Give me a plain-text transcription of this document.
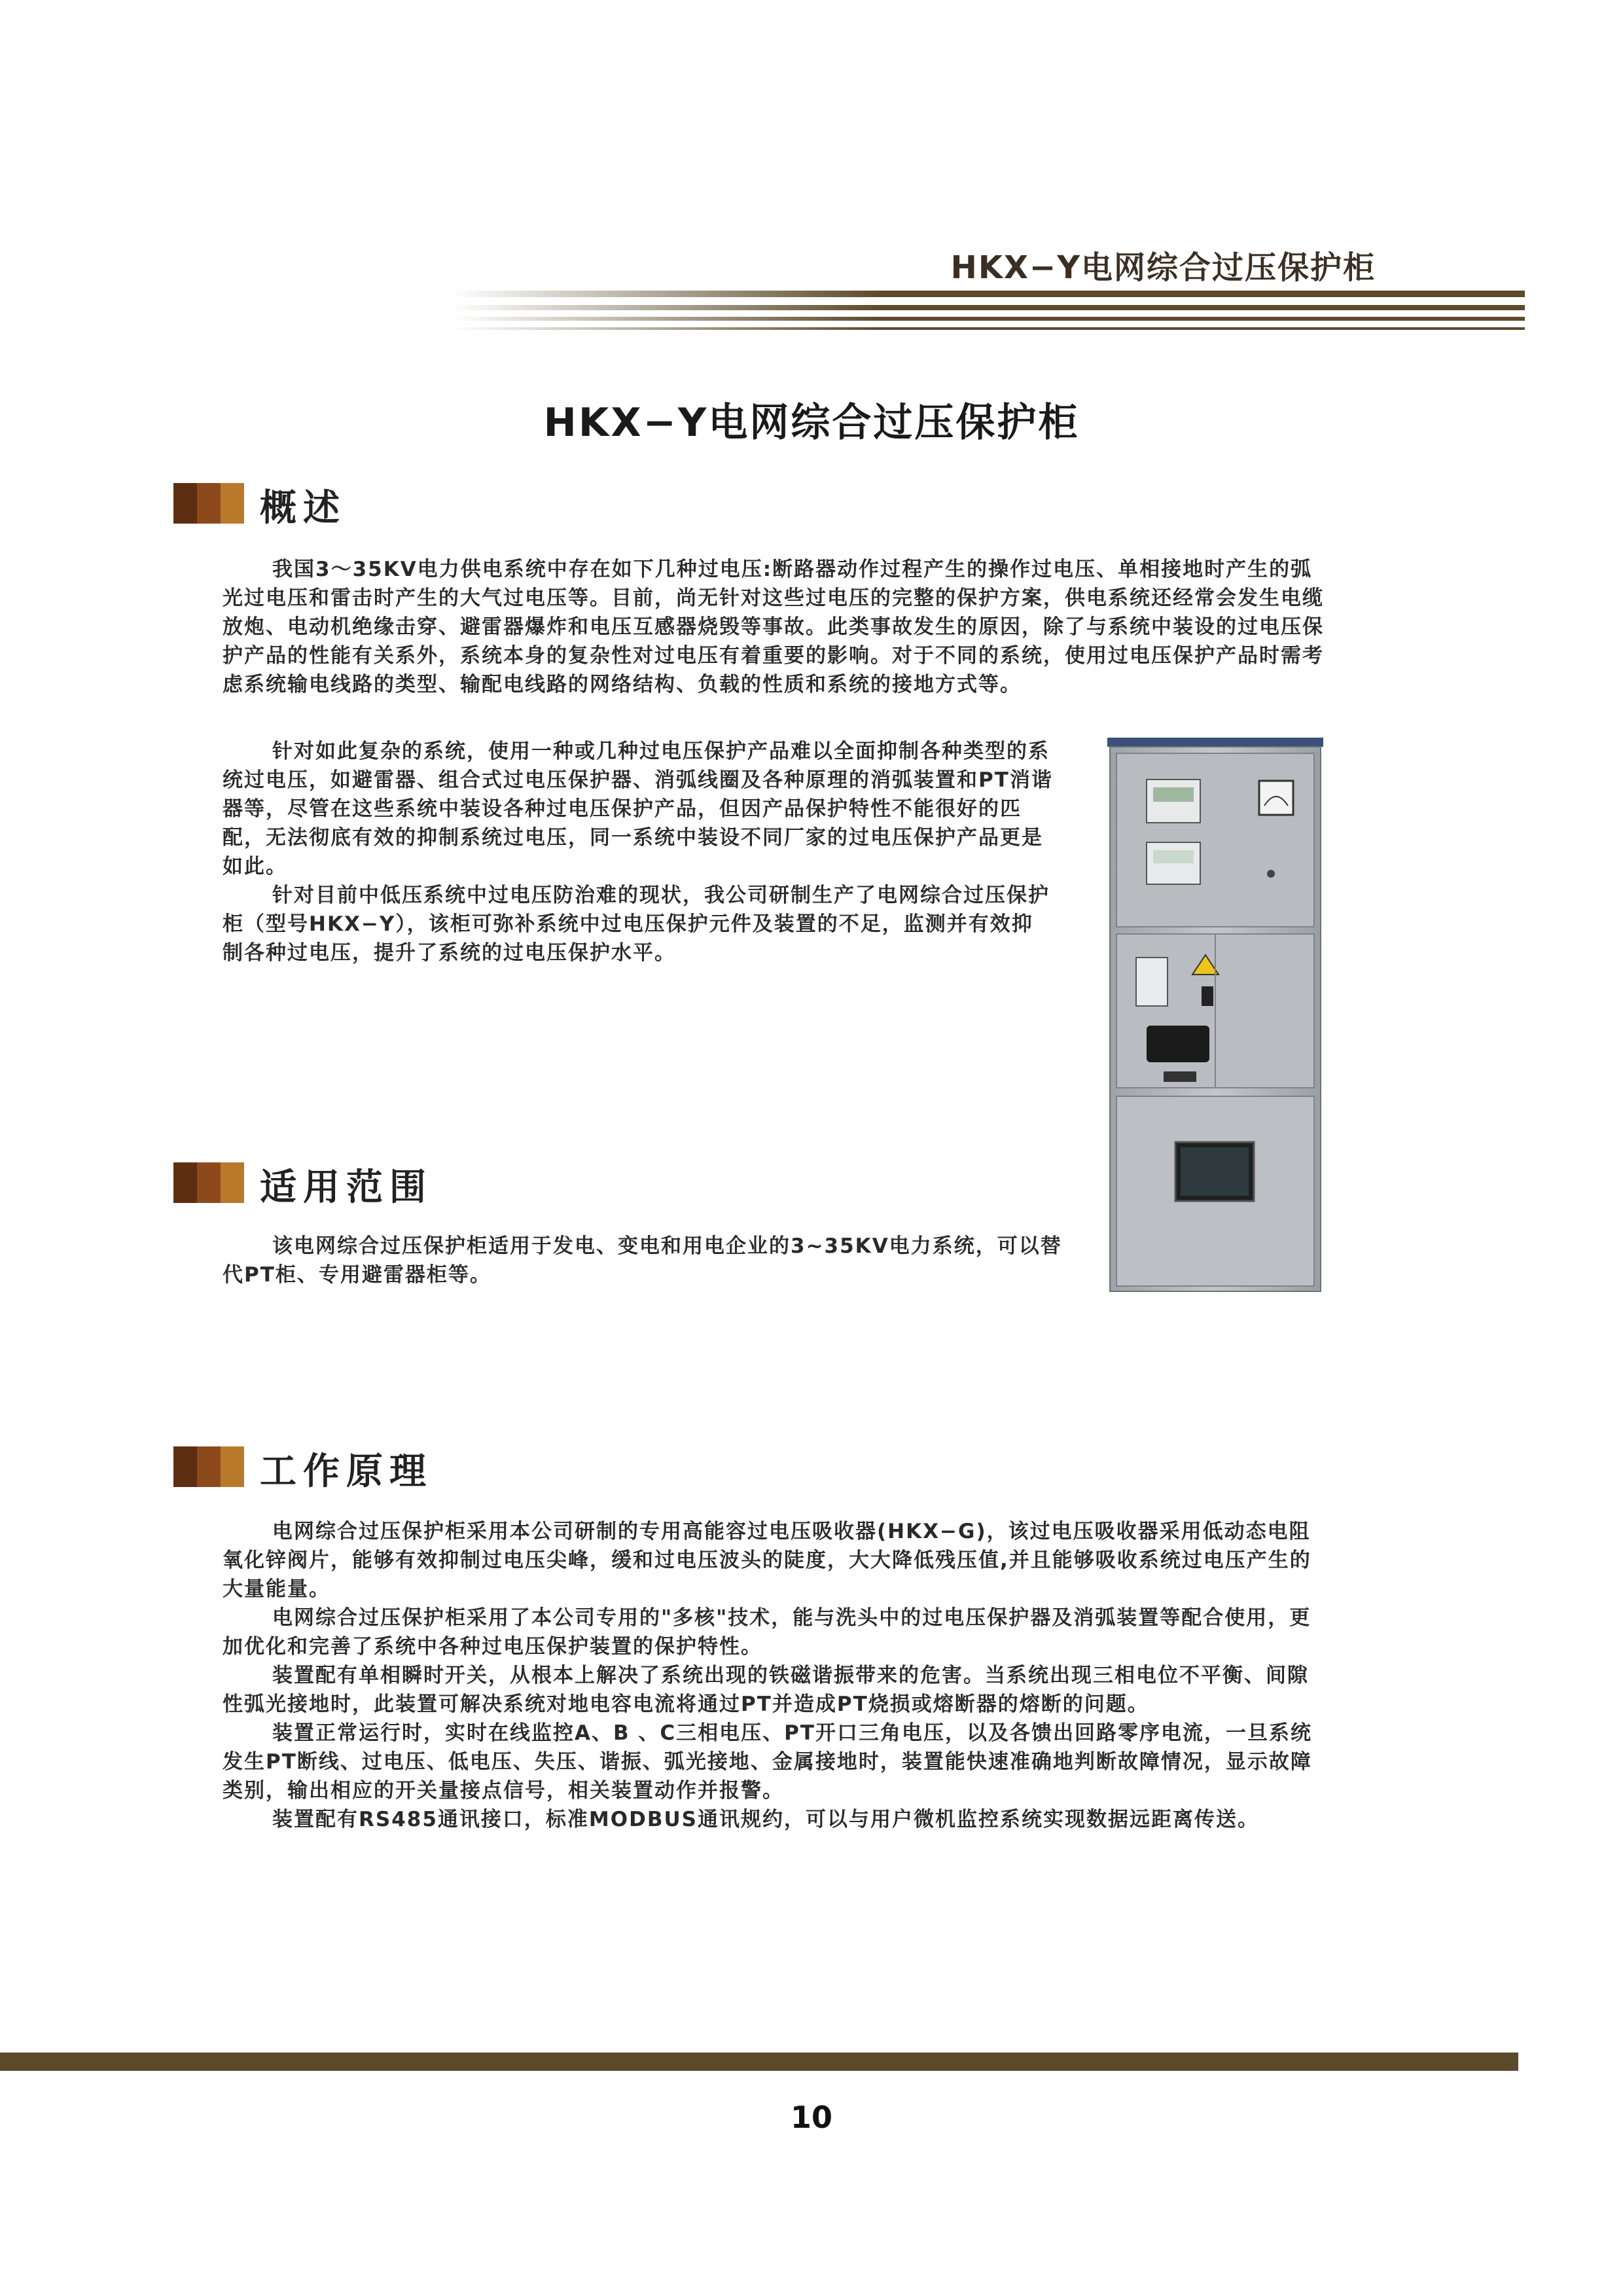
HKX−Y电网综合过压保护柜
HKX−Y电网综合过压保护柜
概述

我国3～35KV电力供电系统中存在如下几种过电压:断路器动作过程产生的操作过电压、单相接地时产生的弧光过电压和雷击时产生的大气过电压等。目前，尚无针对这些过电压的完整的保护方案，供电系统还经常会发生电缆放炮、电动机绝缘击穿、避雷器爆炸和电压互感器烧毁等事故。此类事故发生的原因，除了与系统中装设的过电压保护产品的性能有关系外，系统本身的复杂性对过电压有着重要的影响。对于不同的系统，使用过电压保护产品时需考虑系统输电线路的类型、输配电线路的网络结构、负载的性质和系统的接地方式等。

针对如此复杂的系统，使用一种或几种过电压保护产品难以全面抑制各种类型的系统过电压，如避雷器、组合式过电压保护器、消弧线圈及各种原理的消弧装置和PT消谐器等，尽管在这些系统中装设各种过电压保护产品，但因产品保护特性不能很好的匹配，无法彻底有效的抑制系统过电压，同一系统中装设不同厂家的过电压保护产品更是如此。

针对目前中低压系统中过电压防治难的现状，我公司研制生产了电网综合过压保护柜（型号HKX−Y），该柜可弥补系统中过电压保护元件及装置的不足，监测并有效抑制各种过电压，提升了系统的过电压保护水平。

适用范围

该电网综合过压保护柜适用于发电、变电和用电企业的3~35KV电力系统，可以替代PT柜、专用避雷器柜等。

工作原理

电网综合过压保护柜采用本公司研制的专用高能容过电压吸收器(HKX−G)，该过电压吸收器采用低动态电阻氧化锌阀片，能够有效抑制过电压尖峰，缓和过电压波头的陡度，大大降低残压值,并且能够吸收系统过电压产生的大量能量。

电网综合过压保护柜采用了本公司专用的"多核"技术，能与洗头中的过电压保护器及消弧装置等配合使用，更加优化和完善了系统中各种过电压保护装置的保护特性。

装置配有单相瞬时开关，从根本上解决了系统出现的铁磁谐振带来的危害。当系统出现三相电位不平衡、间隙性弧光接地时，此装置可解决系统对地电容电流将通过PT并造成PT烧损或熔断器的熔断的问题。

装置正常运行时，实时在线监控A、B 、C三相电压、PT开口三角电压，以及各馈出回路零序电流，一旦系统发生PT断线、过电压、低电压、失压、谐振、弧光接地、金属接地时，装置能快速准确地判断故障情况，显示故障类别，输出相应的开关量接点信号，相关装置动作并报警。

装置配有RS485通讯接口，标准MODBUS通讯规约，可以与用户微机监控系统实现数据远距离传送。

10
